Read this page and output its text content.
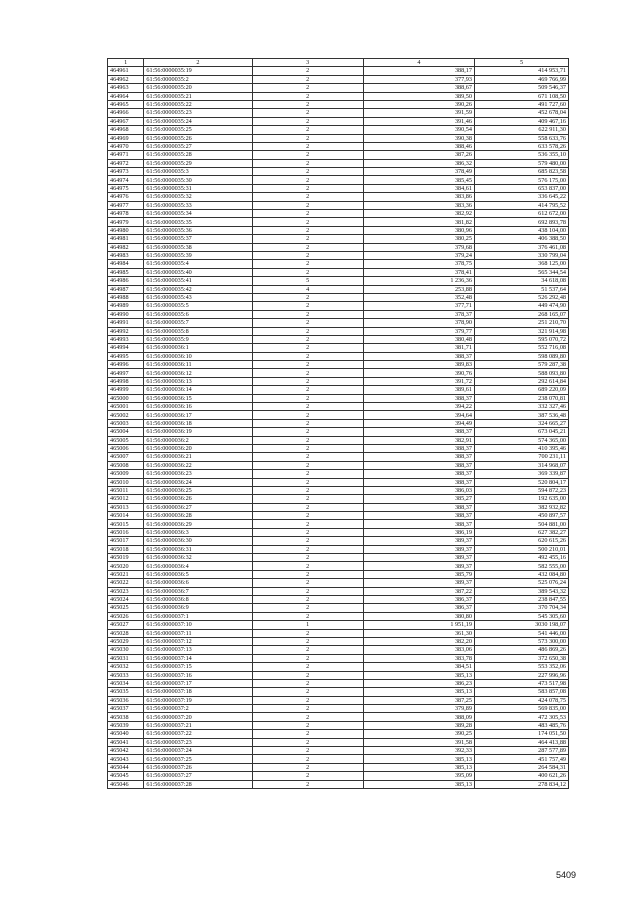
1	2	3	4	5
464961	61:56:0000035:19	2	388,17	414 953,71
464962	61:56:0000035:2	2	377,93	469 766,99
464963	61:56:0000035:20	2	388,67	509 546,37
464964	61:56:0000035:21	2	389,50	671 108,50
464965	61:56:0000035:22	2	390,26	491 727,60
464966	61:56:0000035:23	2	391,59	452 678,04
464967	61:56:0000035:24	2	391,46	409 467,16
464968	61:56:0000035:25	2	390,54	622 911,30
464969	61:56:0000035:26	2	390,38	558 633,76
464970	61:56:0000035:27	2	388,46	633 578,26
464971	61:56:0000035:28	2	387,26	536 355,10
464972	61:56:0000035:29	2	386,32	579 480,00
464973	61:56:0000035:3	2	378,49	685 823,58
464974	61:56:0000035:30	2	385,45	576 175,00
464975	61:56:0000035:31	2	384,61	653 837,00
464976	61:56:0000035:32	2	383,86	336 645,22
464977	61:56:0000035:33	2	383,36	414 795,52
464978	61:56:0000035:34	2	382,92	612 672,00
464979	61:56:0000035:35	2	381,82	692 893,78
464980	61:56:0000035:36	2	380,96	438 104,00
464981	61:56:0000035:37	2	380,25	406 388,50
464982	61:56:0000035:38	2	379,68	376 461,08
464983	61:56:0000035:39	2	379,24	330 799,04
464984	61:56:0000035:4	2	378,75	368 125,00
464985	61:56:0000035:40	2	378,41	565 344,54
464986	61:56:0000035:41	5	1 236,36	34 618,08
464987	61:56:0000035:42	4	253,88	51 537,64
464988	61:56:0000035:43	2	352,48	526 292,48
464989	61:56:0000035:5	2	377,71	449 474,90
464990	61:56:0000035:6	2	378,37	268 165,07
464991	61:56:0000035:7	2	378,90	251 210,70
464992	61:56:0000035:8	2	379,77	321 914,98
464993	61:56:0000035:9	2	380,48	595 070,72
464994	61:56:0000036:1	2	381,71	552 716,08
464995	61:56:0000036:10	2	388,37	598 089,80
464996	61:56:0000036:11	2	389,83	579 287,38
464997	61:56:0000036:12	2	390,76	588 093,80
464998	61:56:0000036:13	2	391,72	292 614,84
464999	61:56:0000036:14	2	389,61	689 220,09
465000	61:56:0000036:15	2	388,37	238 070,81
465001	61:56:0000036:16	2	394,22	332 327,46
465002	61:56:0000036:17	2	394,64	387 536,48
465003	61:56:0000036:18	2	394,49	324 665,27
465004	61:56:0000036:19	2	388,37	673 045,21
465005	61:56:0000036:2	2	382,91	574 365,00
465006	61:56:0000036:20	2	388,37	410 395,46
465007	61:56:0000036:21	2	388,37	700 231,11
465008	61:56:0000036:22	2	388,37	314 968,07
465009	61:56:0000036:23	2	388,37	369 339,87
465010	61:56:0000036:24	2	388,37	520 804,17
465011	61:56:0000036:25	2	386,03	594 872,23
465012	61:56:0000036:26	2	385,27	192 635,00
465013	61:56:0000036:27	2	388,37	382 932,82
465014	61:56:0000036:28	2	388,37	450 897,57
465015	61:56:0000036:29	2	388,37	504 881,00
465016	61:56:0000036:3	2	386,19	627 382,27
465017	61:56:0000036:30	2	389,37	620 615,26
465018	61:56:0000036:31	2	389,37	500 210,01
465019	61:56:0000036:32	2	389,37	492 455,16
465020	61:56:0000036:4	2	389,37	582 555,00
465021	61:56:0000036:5	2	385,79	432 084,80
465022	61:56:0000036:6	2	389,37	525 076,24
465023	61:56:0000036:7	2	387,22	389 543,32
465024	61:56:0000036:8	2	386,37	238 847,55
465025	61:56:0000036:9	2	386,37	370 704,34
465026	61:56:0000037:1	2	380,80	545 305,60
465027	61:56:0000037:10	1	1 951,19	3030 198,07
465028	61:56:0000037:11	2	361,30	541 446,00
465029	61:56:0000037:12	2	382,20	573 300,00
465030	61:56:0000037:13	2	383,06	486 869,26
465031	61:56:0000037:14	2	383,78	372 650,38
465032	61:56:0000037:15	2	384,51	553 352,06
465033	61:56:0000037:16	2	385,13	227 996,96
465034	61:56:0000037:17	2	386,23	473 517,98
465035	61:56:0000037:18	2	385,13	583 857,08
465036	61:56:0000037:19	2	387,25	424 078,75
465037	61:56:0000037:2	2	379,89	569 835,00
465038	61:56:0000037:20	2	388,09	472 305,53
465039	61:56:0000037:21	2	389,28	483 485,76
465040	61:56:0000037:22	2	390,25	174 051,50
465041	61:56:0000037:23	2	391,58	464 413,88
465042	61:56:0000037:24	2	392,33	287 577,89
465043	61:56:0000037:25	2	385,13	451 757,49
465044	61:56:0000037:26	2	385,13	264 584,31
465045	61:56:0000037:27	2	395,09	400 621,26
465046	61:56:0000037:28	2	385,13	278 834,12
5409
